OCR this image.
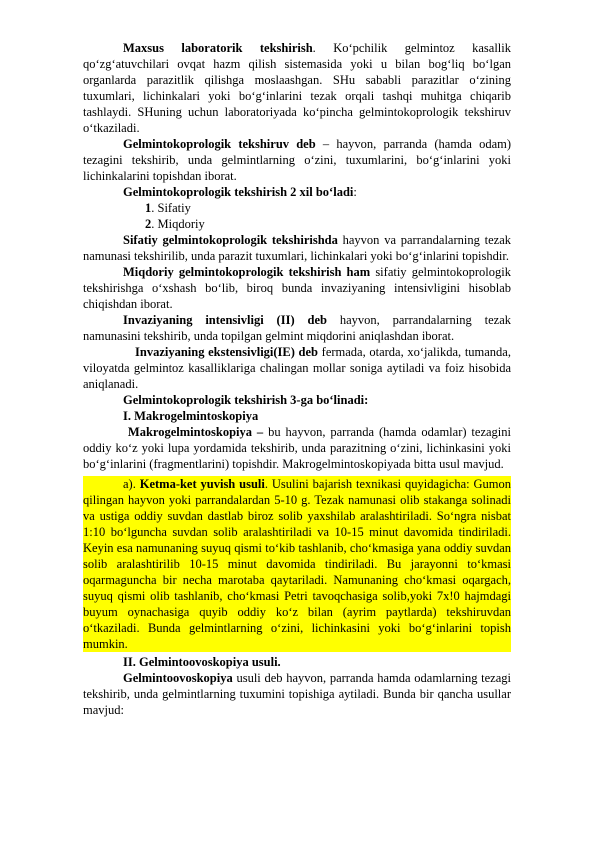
Maxsus laboratorik tekshirish. Ko‘pchilik gelmintoz kasallik qo‘zg‘atuvchilari ovqat hazm qilish sistemasida yoki u bilan bog‘liq bo‘lgan organlarda parazitlik qilishga moslaashgan. SHu sababli parazitlar o‘zining tuxumlari, lichinkalari yoki bo‘g‘inlarini tezak orqali tashqi muhitga chiqarib tashlaydi. SHuning uchun laboratoriyada ko‘pincha gelmintokoprologik tekshiruv o‘tkaziladi.

Gelmintokoprologik tekshiruv deb – hayvon, parranda (hamda odam) tezagini tekshirib, unda gelmintlarning o‘zini, tuxumlarini, bo‘g‘inlarini yoki lichinkalarini topishdan iborat.

Gelmintokoprologik tekshirish 2 xil bo‘ladi:

1. Sifatiy

2. Miqdoriy

Sifatiy gelmintokoprologik tekshirishda hayvon va parrandalarning tezak namunasi tekshirilib, unda parazit tuxumlari, lichinkalari yoki bo‘g‘inlarini topishdir.

Miqdoriy gelmintokoprologik tekshirish ham sifatiy gelmintokoprologik tekshirishga o‘xshash bo‘lib, biroq bunda invaziyaning intensivligini hisoblab chiqishdan iborat.

Invaziyaning intensivligi (II) deb hayvon, parrandalarning tezak namunasini tekshirib, unda topilgan gelmint miqdorini aniqlashdan iborat.

Invaziyaning ekstensivligi(IE) deb fermada, otarda, xo‘jalikda, tumanda, viloyatda gelmintoz kasalliklariga chalingan mollar soniga aytiladi va foiz hisobida aniqlanadi.

Gelmintokoprologik tekshirish 3-ga bo‘linadi:

I. Makrogelmintoskopiya

Makrogelmintoskopiya – bu hayvon, parranda (hamda odamlar) tezagini oddiy ko‘z yoki lupa yordamida tekshirib, unda parazitning o‘zini, lichinkasini yoki bo‘g‘inlarini (fragmentlarini) topishdir. Makrogelmintoskopiyada bitta usul mavjud.

a). Ketma-ket yuvish usuli. Usulini bajarish texnikasi quyidagicha: Gumon qilingan hayvon yoki parrandalardan 5-10 g. Tezak namunasi olib stakanga solinadi va ustiga oddiy suvdan dastlab biroz solib yaxshilab aralashtiriladi. So‘ngra nisbat 1:10 bo‘lguncha suvdan solib aralashtiriladi va 10-15 minut davomida tindiriladi. Keyin esa namunaning suyuq qismi to‘kib tashlanib, cho‘kmasiga yana oddiy suvdan solib aralashtirilib 10-15 minut davomida tindiriladi. Bu jarayonni to‘kmasi oqarmaguncha bir necha marotaba qaytariladi. Namunaning cho‘kmasi oqargach, suyuq qismi olib tashlanib, cho‘kmasi Petri tavoqchasiga solib,yoki 7x!0 hajmdagi buyum oynachasiga quyib oddiy ko‘z bilan (ayrim paytlarda) tekshiruvdan o‘tkaziladi. Bunda gelmintlarning o‘zini, lichinkasini yoki bo‘g‘inlarini topish mumkin.

II. Gelmintoovoskopiya usuli.

Gelmintoovoskopiya usuli deb hayvon, parranda hamda odamlarning tezagi tekshirib, unda gelmintlarning tuxumini topishiga aytiladi. Bunda bir qancha usullar mavjud:
